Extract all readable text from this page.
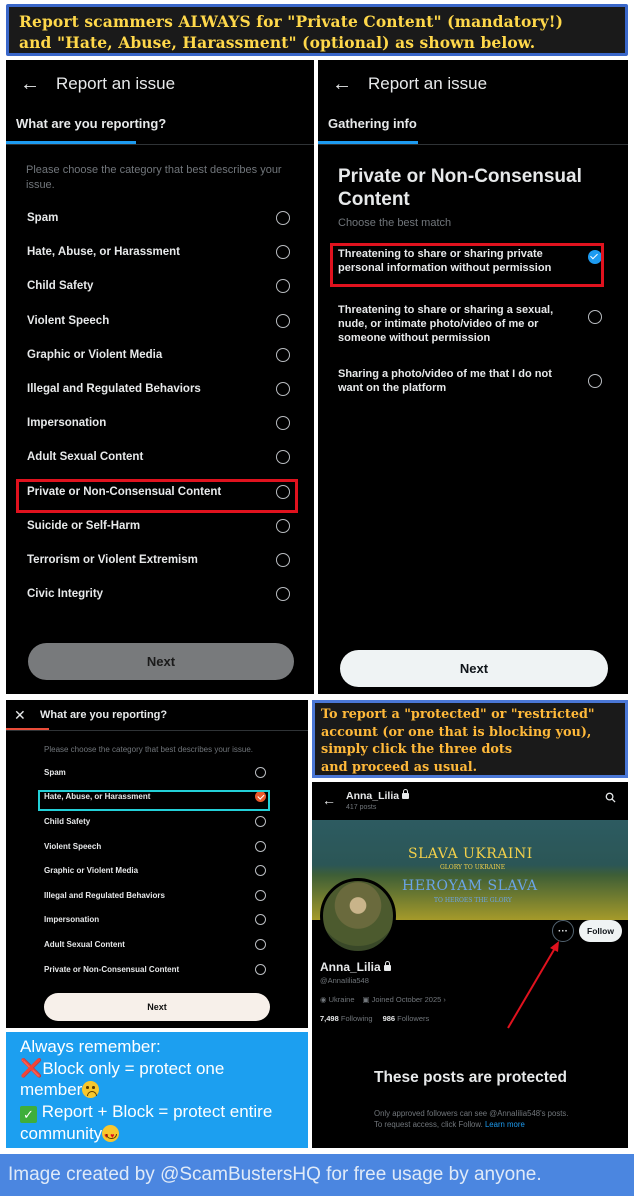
Report scammers ALWAYS for "Private Content" (mandatory!)
and "Hate, Abuse, Harassment" (optional) as shown below.
← Report an issue
What are you reporting?
Please choose the category that best describes your issue.
Spam
Hate, Abuse, or Harassment
Child Safety
Violent Speech
Graphic or Violent Media
Illegal and Regulated Behaviors
Impersonation
Adult Sexual Content
Private or Non-Consensual Content
Suicide or Self-Harm
Terrorism or Violent Extremism
Civic Integrity
Next
← Report an issue
Gathering info
Private or Non-Consensual Content
Choose the best match
Threatening to share or sharing private personal information without permission
Threatening to share or sharing a sexual, nude, or intimate photo/video of me or someone without permission
Sharing a photo/video of me that I do not want on the platform
Next
✕	What are you reporting?
Please choose the category that best describes your issue.
Spam
Hate, Abuse, or Harassment
Child Safety
Violent Speech
Graphic or Violent Media
Illegal and Regulated Behaviors
Impersonation
Adult Sexual Content
Private or Non-Consensual Content
Next
Always remember:
❌Block only = protect one
member
✓ Report + Block = protect entire
community♥ ♥
To report a "protected" or "restricted"
account (or one that is blocking you),
simply click the three dots
and proceed as usual.
← Anna_Lilia
417 posts
SLAVA UKRAINI
GLORY TO UKRAINE
HEROYAM SLAVA
TO HEROES THE GLORY
···	Follow
Anna_Lilia
@AnnaIilia548
◉ Ukraine ▣ Joined October 2025 ›
7,498 Following 986 Followers
These posts are protected
Only approved followers can see @AnnaIilia548's posts. To request access, click Follow. Learn more
Image created by @ScamBustersHQ for free usage by anyone.
